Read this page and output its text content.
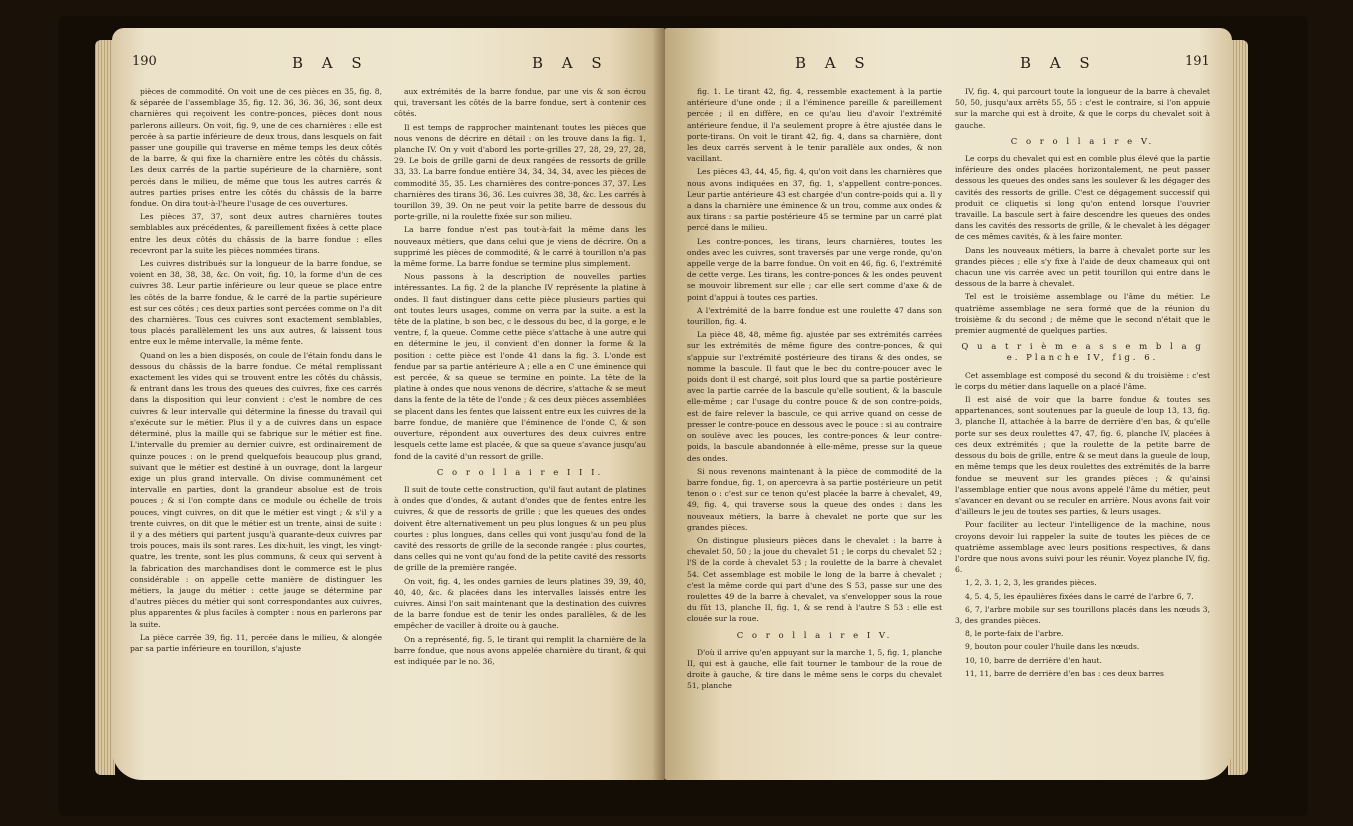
190	B A S	B A S

pièces de commodité. On voit une de ces pièces en 35, fig. 8, & séparée de l'assemblage 35, fig. 12. 36, 36. 36, 36, sont deux charnières qui reçoivent les contre-ponces, pièces dont nous parlerons ailleurs. On voit, fig. 9, une de ces charnières : elle est percée à sa partie inférieure de deux trous, dans lesquels on fait passer une goupille qui traverse en même temps les deux côtés de la barre, & qui fixe la charnière entre les côtés du châssis. Les deux carrés de la partie supérieure de la charnière, sont percés dans le milieu, de même que tous les autres carrés & autres parties prises entre les côtés du châssis de la barre fondue. On dira tout-à-l'heure l'usage de ces ouvertures.

Les pièces 37, 37, sont deux autres charnières toutes semblables aux précédentes, & pareillement fixées à cette place entre les deux côtés du châssis de la barre fondue : elles recevront par la suite les pièces nommées tirans.

Les cuivres distribués sur la longueur de la barre fondue, se voient en 38, 38, 38, &c. On voit, fig. 10, la forme d'un de ces cuivres 38. Leur partie inférieure ou leur queue se place entre les côtés de la barre fondue, & le carré de la partie supérieure est sur ces côtés ; ces deux parties sont percées comme on l'a dit des charnières. Tous ces cuivres sont exactement semblables, tous placés parallèlement les uns aux autres, & laissent tous entre eux le même intervalle, la même fente.

Quand on les a bien disposés, on coule de l'étain fondu dans le dessous du châssis de la barre fondue. Ce métal remplissant exactement les vides qui se trouvent entre les côtés du châssis, & entrant dans les trous des queues des cuivres, fixe ces carrés dans la disposition qui leur convient : c'est le nombre de ces cuivres & leur intervalle qui détermine la finesse du travail qui s'exécute sur le métier. Plus il y a de cuivres dans un espace déterminé, plus la maille qui se fabrique sur le métier est fine. L'intervalle du premier au dernier cuivre, est ordinairement de quinze pouces : on le prend quelquefois beaucoup plus grand, suivant que le métier est destiné à un ouvrage, dont la largeur exige un plus grand intervalle. On divise communément cet intervalle en parties, dont la grandeur absolue est de trois pouces ; & si l'on compte dans ce module ou échelle de trois pouces, vingt cuivres, on dit que le métier est vingt ; & s'il y a trente cuivres, on dit que le métier est un trente, ainsi de suite : il y a des métiers qui partent jusqu'à quarante-deux cuivres par trois pouces, mais ils sont rares. Les dix-huit, les vingt, les vingt-quatre, les trente, sont les plus communs, & ceux qui servent à la fabrication des marchandises dont le commerce est le plus considérable : on appelle cette manière de distinguer les métiers, la jauge du métier : cette jauge se détermine par d'autres pièces du métier qui sont correspondantes aux cuivres, plus apparentes & plus faciles à compter : nous en parlerons par la suite.

La pièce carrée 39, fig. 11, percée dans le milieu, & alongée par sa partie inférieure en tourillon, s'ajuste

aux extrémités de la barre fondue, par une vis & son écrou qui, traversant les côtés de la barre fondue, sert à contenir ces côtés.

Il est temps de rapprocher maintenant toutes les pièces que nous venons de décrire en détail : on les trouve dans la fig. 1, planche IV. On y voit d'abord les porte-grilles 27, 28, 29, 27, 28, 29. Le bois de grille garni de deux rangées de ressorts de grille 33, 33. La barre fondue entière 34, 34, 34, 34, avec les pièces de commodité 35, 35. Les charnières des contre-ponces 37, 37. Les charnières des tirans 36, 36. Les cuivres 38, 38, &c. Les carrés à tourillon 39, 39. On ne peut voir la petite barre de dessous du porte-grille, ni la roulette fixée sur son milieu.

La barre fondue n'est pas tout-à-fait la même dans les nouveaux métiers, que dans celui que je viens de décrire. On a supprimé les pièces de commodité, & le carré à tourillon n'a pas la même forme. La barre fondue se termine plus simplement.

Nous passons à la description de nouvelles parties intéressantes. La fig. 2 de la planche IV représente la platine à ondes. Il faut distinguer dans cette pièce plusieurs parties qui ont toutes leurs usages, comme on verra par la suite. a est la tête de la platine, b son bec, c le dessous du bec, d la gorge, e le ventre, f, la queue. Comme cette pièce s'attache à une autre qui en détermine le jeu, il convient d'en donner la forme & la position : cette pièce est l'onde 41 dans la fig. 3. L'onde est fendue par sa partie antérieure A ; elle a en C une éminence qui est percée, & sa queue se termine en pointe. La tête de la platine à ondes que nous venons de décrire, s'attache & se meut dans la fente de la tête de l'onde ; & ces deux pièces assemblées se placent dans les fentes que laissent entre eux les cuivres de la barre fondue, de manière que l'éminence de l'onde C, & son ouverture, répondent aux ouvertures des deux cuivres entre lesquels cette lame est placée, & que sa queue s'avance jusqu'au fond de la cavité d'un ressort de grille.

C o r o l l a i r e I I I.

Il suit de toute cette construction, qu'il faut autant de platines à ondes que d'ondes, & autant d'ondes que de fentes entre les cuivres, & que de ressorts de grille ; que les queues des ondes doivent être alternativement un peu plus longues & un peu plus courtes : plus longues, dans celles qui vont jusqu'au fond de la cavité des ressorts de grille de la seconde rangée : plus courtes, dans celles qui ne vont qu'au fond de la petite cavité des ressorts de grille de la première rangée.

On voit, fig. 4, les ondes garnies de leurs platines 39, 39, 40, 40, 40, &c. & placées dans les intervalles laissés entre les cuivres. Ainsi l'on sait maintenant que la destination des cuivres de la barre fondue est de tenir les ondes parallèles, & de les empêcher de vaciller à droite ou à gauche.

On a représenté, fig. 5, le tirant qui remplit la charnière de la barre fondue, que nous avons appelée charnière du tirant, & qui est indiquée par le no. 36,

B A S	B A S	191

fig. 1. Le tirant 42, fig. 4, ressemble exactement à la partie antérieure d'une onde ; il a l'éminence pareille & pareillement percée ; il en diffère, en ce qu'au lieu d'avoir l'extrémité antérieure fendue, il l'a seulement propre à être ajustée dans le porte-tirans. On voit le tirant 42, fig. 4, dans sa charnière, dont les deux carrés servent à le tenir parallèle aux ondes, & non vacillant.

Les pièces 43, 44, 45, fig. 4, qu'on voit dans les charnières que nous avons indiquées en 37, fig. 1, s'appellent contre-ponces. Leur partie antérieure 43 est chargée d'un contre-poids qui a. Il y a dans la charnière une éminence & un trou, comme aux ondes & aux tirans : sa partie postérieure 45 se termine par un carré plat percé dans le milieu.

Les contre-ponces, les tirans, leurs charnières, toutes les ondes avec les cuivres, sont traversés par une verge ronde, qu'on appelle verge de la barre fondue. On voit en 46, fig. 6, l'extrémité de cette verge. Les tirans, les contre-ponces & les ondes peuvent se mouvoir librement sur elle ; car elle sert comme d'axe & de point d'appui à toutes ces parties.

A l'extrémité de la barre fondue est une roulette 47 dans son tourillon, fig. 4.

La pièce 48, 48, même fig. ajustée par ses extrémités carrées sur les extrémités de même figure des contre-ponces, & qui s'appuie sur l'extrémité postérieure des tirans & des ondes, se nomme la bascule. Il faut que le bec du contre-poucer avec le poids dont il est chargé, soit plus lourd que sa partie postérieure avec la partie carrée de la bascule qu'elle soutient, & la bascule elle-même ; car l'usage du contre pouce & de son contre-poids, est de faire relever la bascule, ce qui arrive quand on cesse de presser le contre-pouce en dessous avec le pouce : si au contraire on soulève avec les pouces, les contre-ponces & leur contre-poids, la bascule abandonnée à elle-même, presse sur la queue des ondes.

Si nous revenons maintenant à la pièce de commodité de la barre fondue, fig. 1, on apercevra à sa partie postérieure un petit tenon o : c'est sur ce tenon qu'est placée la barre à chevalet, 49, 49, fig. 4, qui traverse sous la queue des ondes : dans les nouveaux métiers, la barre à chevalet ne porte que sur les grandes pièces.

On distingue plusieurs pièces dans le chevalet : la barre à chevalet 50, 50 ; la joue du chevalet 51 ; le corps du chevalet 52 ; l'S de la corde à chevalet 53 ; la roulette de la barre à chevalet 54. Cet assemblage est mobile le long de la barre à chevalet ; c'est la même corde qui part d'une des S 53, passe sur une des roulettes 49 de la barre à chevalet, va s'envelopper sous la roue du fût 13, planche II, fig. 1, & se rend à l'autre S 53 : elle est clouée sur la roue.

C o r o l l a i r e I V.

D'où il arrive qu'en appuyant sur la marche 1, 5, fig. 1, planche II, qui est à gauche, elle fait tourner le tambour de la roue de droite à gauche, & tire dans le même sens le corps du chevalet 51, planche

IV, fig. 4, qui parcourt toute la longueur de la barre à chevalet 50, 50, jusqu'aux arrêts 55, 55 : c'est le contraire, si l'on appuie sur la marche qui est à droite, & que le corps du chevalet soit à gauche.

C o r o l l a i r e V.

Le corps du chevalet qui est en comble plus élevé que la partie inférieure des ondes placées horizontalement, ne peut passer dessous les queues des ondes sans les soulever & les dégager des cavités des ressorts de grille. C'est ce dégagement successif qui produit ce cliquetis si long qu'on entend lorsque l'ouvrier travaille. La bascule sert à faire descendre les queues des ondes dans les cavités des ressorts de grille, & le chevalet à les dégager de ces mêmes cavités, & à les faire monter.

Dans les nouveaux métiers, la barre à chevalet porte sur les grandes pièces ; elle s'y fixe à l'aide de deux chameaux qui ont chacun une vis carrée avec un petit tourillon qui entre dans le dessous de la barre à chevalet.

Tel est le troisième assemblage ou l'âme du métier. Le quatrième assemblage ne sera formé que de la réunion du troisième & du second ; de même que le second n'était que le premier augmenté de quelques parties.

Q u a t r i è m e a s s e m b l a g e. Planche IV, fig. 6.

Cet assemblage est composé du second & du troisième : c'est le corps du métier dans laquelle on a placé l'âme.

Il est aisé de voir que la barre fondue & toutes ses appartenances, sont soutenues par la gueule de loup 13, 13, fig. 3, planche II, attachée à la barre de derrière d'en bas, & qu'elle porte sur ses deux roulettes 47, 47, fig. 6, planche IV, placées à ces deux extrémités ; que la roulette de la petite barre de dessous du bois de grille, entre & se meut dans la gueule de loup, en même temps que les deux roulettes des extrémités de la barre fondue se meuvent sur les grandes pièces ; & qu'ainsi l'assemblage entier que nous avons appelé l'âme du métier, peut s'avancer en devant ou se reculer en arrière. Nous avons fait voir d'ailleurs le jeu de toutes ses parties, & leurs usages.

Pour faciliter au lecteur l'intelligence de la machine, nous croyons devoir lui rappeler la suite de toutes les pièces de ce quatrième assemblage avec leurs positions respectives, & dans l'ordre que nous avons suivi pour les réunir. Voyez planche IV, fig. 6.

1, 2, 3. 1, 2, 3, les grandes pièces.

4, 5. 4, 5, les épaulières fixées dans le carré de l'arbre 6, 7.

6, 7, l'arbre mobile sur ses tourillons placés dans les nœuds 3, 3, des grandes pièces.

8, le porte-faix de l'arbre.

9, bouton pour couler l'huile dans les nœuds.

10, 10, barre de derrière d'en haut.

11, 11, barre de derrière d'en bas : ces deux barres
